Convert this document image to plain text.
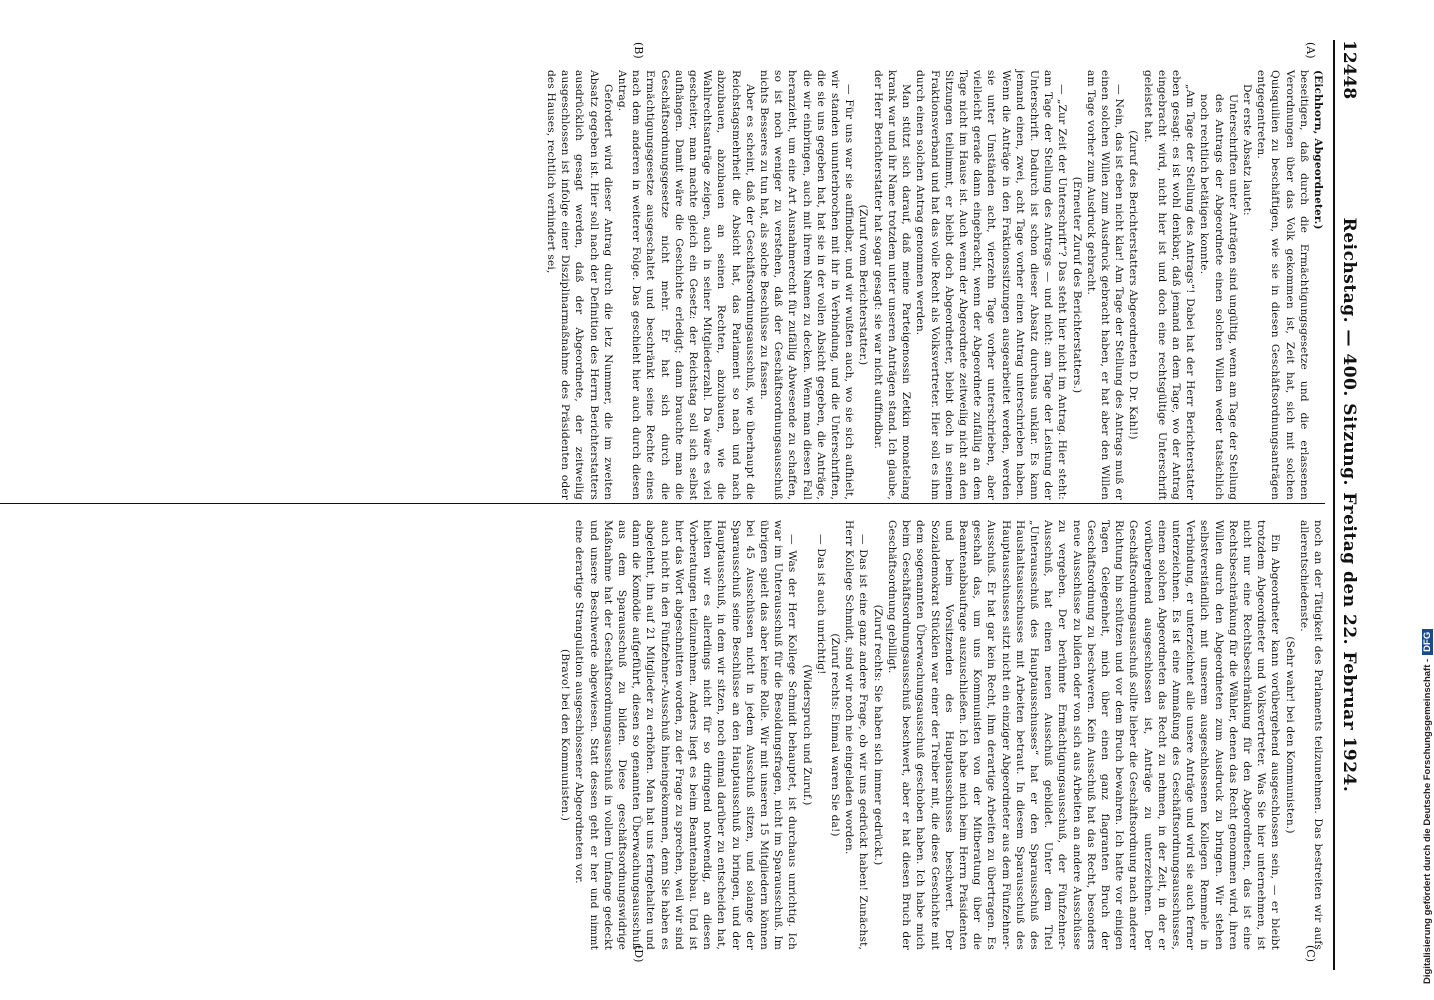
12448
Reichstag. — 400. Sitzung. Freitag den 22. Februar 1924.
(A)
(B)
(C)
(D)

(Eichhorn, Abgeordneter.)

beseitigen, daß durch die Ermächtigungsgesetze und die erlassenen Verordnungen über das Volk gekommen ist, Zeit hat, sich mit solchen Quisquilien zu beschäftigen, wie sie in diesen Geschäftsordnungsanträgen entgegentreten.

Der erste Absatz lautet:

Unterschriften unter Anträgen sind ungültig, wenn am Tage der Stellung des Antrags der Abgeordnete einen solchen Willen weder tatsächlich noch rechtlich betätigen konnte.

„Am Tage der Stellung des Antrags“! Dabei hat der Herr Berichterstatter eben gesagt: es ist wohl denkbar, daß jemand an dem Tage, wo der Antrag eingebracht wird, nicht hier ist und doch eine rechtsgültige Unterschrift geleistet hat.

(Zuruf des Berichterstatters Abgeordneten D. Dr. Kahl!)

— Nein, das ist eben nicht klar! Am Tage der Stellung des Antrags muß er einen solchen Willen zum Ausdruck gebracht haben, er hat aber den Willen am Tage vorher zum Ausdruck gebracht.

(Erneuter Zuruf des Berichterstatters.)

— „Zur Zeit der Unterschrift“? Das steht hier nicht im Antrag. Hier steht: am Tage der Stellung des Antrags — und nicht: am Tage der Leistung der Unterschrift. Dadurch ist schon dieser Absatz durchaus unklar. Es kann jemand einen, zwei, acht Tage vorher einen Antrag unterschrieben haben. Wenn die Anträge in den Fraktionssitzungen ausgearbeitet werden, werden sie unter Umständen acht, vierzehn Tage vorher unterschrieben, aber vielleicht gerade dann eingebracht, wenn der Abgeordnete zufällig an dem Tage nicht im Hause ist. Auch wenn der Abgeordnete zeitweilig nicht an den Sitzungen teilnimmt, er bleibt doch Abgeordneter, bleibt doch in seinem Fraktionsverband und hat das volle Recht als Volksvertreter. Hier soll es ihm durch einen solchen Antrag genommen werden.

Man stützt sich darauf, daß meine Parteigenossin Zetkin monatelang krank war und ihr Name trotzdem unter unseren Anträgen stand. Ich glaube, der Herr Berichterstatter hat sogar gesagt: sie war nicht auffindbar.

(Zuruf vom Berichterstatter.)

— Für uns war sie auffindbar, und wir wußten auch, wo sie sich aufhielt, wir standen ununterbrochen mit ihr in Verbindung, und die Unterschriften, die sie uns gegeben hat, hat sie in der vollen Absicht gegeben, die Anträge, die wir einbringen, auch mit ihrem Namen zu decken. Wenn man diesen Fall heranzieht, um eine Art Ausnahmerecht für zufällig Abwesende zu schaffen, so ist noch weniger zu verstehen, daß der Geschäftsordnungsausschuß nichts Besseres zu tun hat, als solche Beschlüsse zu fassen.

Aber es scheint, daß der Geschäftsordnungsausschuß, wie überhaupt die Reichstagsmehrheit die Absicht hat, das Parlament so nach und nach abzubauen, abzubauen an seinen Rechten, abzubauen, wie die Wahlrechtsanträge zeigen, auch in seiner Mitgliederzahl. Da wäre es viel gescheiter, man machte gleich ein Gesetz: der Reichstag soll sich selbst aufhängen. Damit wäre die Geschichte erledigt; dann brauchte man die Geschäftsordnungsgesetze nicht mehr. Er hat sich durch die Ermächtigungsgesetze ausgeschaltet und beschränkt seine Rechte eines nach dem anderen in weiterer Folge. Das geschieht hier auch durch diesen Antrag.

Gefordert wird dieser Antrag durch die letz Nummer, die im zweiten Absatz gegeben ist. Hier soll nach der Definition des Herrn Berichterstatters ausdrücklich gesagt werden, daß der Abgeordnete, der zeitweilig ausgeschlossen ist infolge einer Disziplinarmaßnahme des Präsidenten oder des Hauses, rechtlich verhindert sei,

noch an der Tätigkeit des Parlaments teilzunehmen. Das bestreiten wir aufs allerentschiedenste.

(Sehr wahr! bei den Kommunisten.)

Ein Abgeordneter kann vorübergehend ausgeschlossen sein, — er bleibt trotzdem Abgeordneter und Volksvertreter. Was Sie hier unternehmen, ist nicht nur eine Rechtsbeschränkung für den Abgeordneten, das ist eine Rechtsbeschränkung für die Wähler, denen das Recht genommen wird, ihren Willen durch den Abgeordneten zum Ausdruck zu bringen. Wir stehen selbstverständlich mit unserem ausgeschlossenen Kollegen Remmele in Verbindung, er unterzeichnet alle unsere Anträge und wird sie auch ferner unterzeichnen. Es ist eine Anmaßung des Geschäftsordnungsausschusses, einem solchen Abgeordneten das Recht zu nehmen, in der Zeit, in der er vorübergehend ausgeschlossen ist, Anträge zu unterzeichnen. Der Geschäftsordnungsausschuß sollte lieber die Geschäftsordnung nach anderer Richtung hin schützen und vor dem Bruch bewahren. Ich hatte vor einigen Tagen Gelegenheit, mich über einen ganz flagranten Bruch der Geschäftsordnung zu beschweren. Kein Ausschuß hat das Recht, besonders neue Ausschüsse zu bilden oder von sich aus Arbeiten an andere Ausschüsse zu vergeben. Der berühmte Ermächtigungsausschuß, der Fünfzehner-Ausschuß, hat einen neuen Ausschuß gebildet. Unter dem Titel „Unterausschuß des Hauptausschusses“ hat er den Sparausschuß des Haushaltsausschusses mit Arbeiten betraut. In diesem Sparausschuß des Hauptausschusses sitzt nicht ein einziger Abgeordneter aus dem Fünfzehner-Ausschuß. Er hat gar kein Recht, ihm derartige Arbeiten zu übertragen. Es geschah das, um uns Kommunisten von der Mitberatung über die Beamtenabbaufrage auszuschließen. Ich habe mich beim Herrn Präsidenten und beim Vorsitzenden des Hauptausschusses beschwert. Der Sozialdemokrat Stücklen war einer der Treiber mit, die diese Geschichte mit dem sogenannten Überwachungsausschuß geschoben haben. Ich habe mich beim Geschäftsordnungsausschuß beschwert, aber er hat diesen Bruch der Geschäftsordnung gebilligt.

(Zuruf rechts: Sie haben sich immer gedrückt.)

— Das ist eine ganz andere Frage, ob wir uns gedrückt haben! Zunächst, Herr Kollege Schmidt, sind wir noch nie eingeladen worden.

(Zuruf rechts: Einmal waren Sie da!)

— Das ist auch unrichtig!

(Widerspruch und Zuruf.)

— Was der Herr Kollege Schmidt behauptet, ist durchaus unrichtig. Ich war im Unterausschuß für die Besoldungsfragen, nicht im Sparausschuß. Im übrigen spielt das aber keine Rolle. Wir mit unseren 15 Mitgliedern können bei 45 Ausschüssen nicht in jedem Ausschuß sitzen, und solange der Sparausschuß seine Beschlüsse an den Hauptausschuß zu bringen, und der Hauptausschuß, in dem wir sitzen, noch einmal darüber zu entscheiden hat, hielten wir es allerdings nicht für so dringend notwendig, an diesen Vorberatungen teilzunehmen. Anders liegt es beim Beamtenabbau. Und ist hier das Wort abgeschnitten worden, zu der Frage zu sprechen, weil wir sind auch nicht in den Fünfzehner-Ausschuß hineingekommen, denn Sie haben es abgelehnt, ihn auf 21 Mitglieder zu erhöhen. Man hat uns ferngehalten und dann die Komödie aufgeführt, diesen so genannten Überwachungsausschuß aus dem Sparausschuß zu bilden. Diese geschäftsordnungswidrige Maßnahme hat der Geschäftsordnungsausschuß in vollem Umfange gedeckt und unsere Beschwerde abgewiesen. Statt dessen geht er her und nimmt eine derartige Strangulation ausgeschlossener Abgeordneten vor.

(Bravo! bei den Kommunisten.)	Digitalisierung gefördert durch die Deutsche Forschungsgemeinschaft -DFG
